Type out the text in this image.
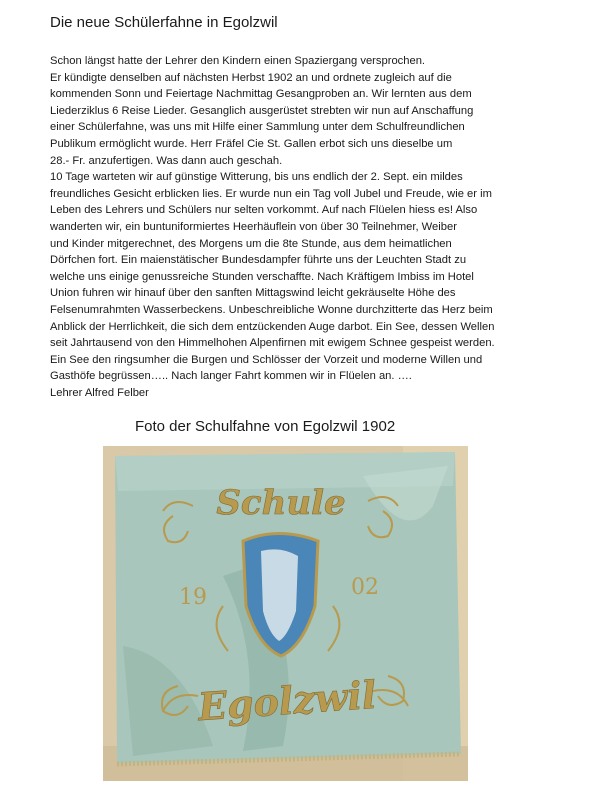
Die neue Schülerfahne in Egolzwil
Schon längst hatte der Lehrer den Kindern einen Spaziergang versprochen.
Er kündigte denselben auf nächsten Herbst 1902 an und ordnete zugleich auf die
kommenden Sonn und Feiertage Nachmittag Gesangproben an. Wir lernten aus dem
Liederziklus 6 Reise Lieder. Gesanglich ausgerüstet strebten wir nun auf Anschaffung
einer Schülerfahne, was uns mit Hilfe einer Sammlung unter dem Schulfreundlichen
Publikum ermöglicht wurde. Herr Fräfel Cie St. Gallen erbot sich uns dieselbe um
28.- Fr. anzufertigen. Was dann auch geschah.
10 Tage warteten wir auf günstige Witterung, bis uns endlich der 2. Sept. ein mildes
freundliches Gesicht erblicken lies. Er wurde nun ein Tag voll Jubel und Freude, wie er im
Leben des Lehrers und Schülers nur selten vorkommt. Auf nach Flüelen hiess es! Also
wanderten wir, ein buntuniformiertes Heerhäuflein von über 30 Teilnehmer, Weiber
und Kinder mitgerechnet, des Morgens um die 8te Stunde, aus dem heimatlichen
Dörfchen fort. Ein maienstätischer Bundesdampfer führte uns der Leuchten Stadt zu
welche uns einige genussreiche Stunden verschaffte. Nach Kräftigem Imbiss im Hotel
Union fuhren wir hinauf über den sanften Mittagswind leicht gekräuselte Höhe des
Felsenumrahmten Wasserbeckens. Unbeschreibliche Wonne durchzitterte das Herz beim
Anblick der Herrlichkeit, die sich dem entzückenden Auge darbot. Ein See, dessen Wellen
seit Jahrtausend von den Himmelhohen Alpenfirnen mit ewigem Schnee gespeist werden.
Ein See den ringsumher die Burgen und Schlösser der Vorzeit und moderne Willen und
Gasthöfe begrüssen….. Nach langer Fahrt kommen wir in Flüelen an. ….
Lehrer Alfred Felber
Foto der Schulfahne von Egolzwil 1902
Schule
19	02
Egolzwil
